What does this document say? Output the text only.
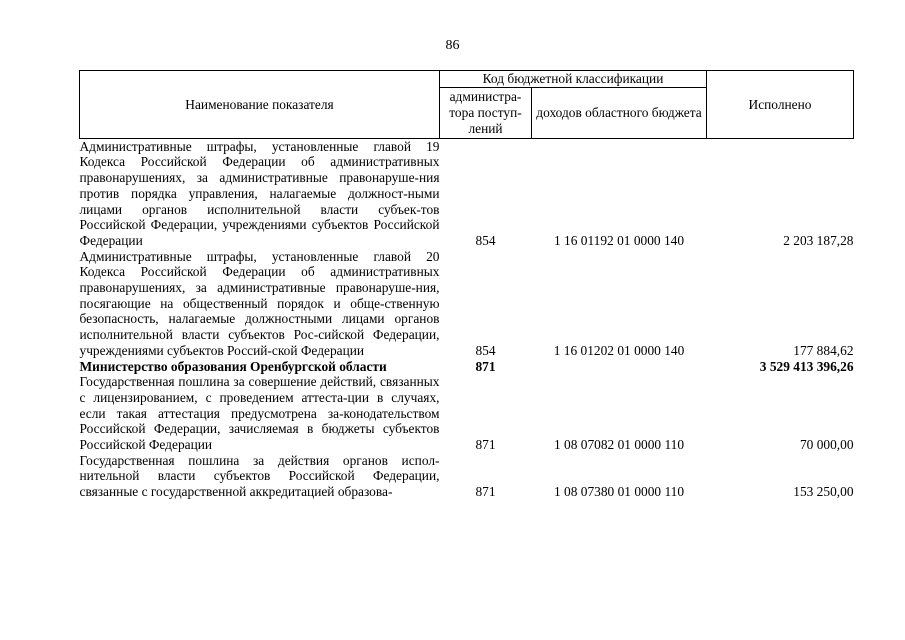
86
Наименование показателя	Код бюджетной классификации		Исполнено
	администра-тора поступ-лений	доходов областного бюджета	
Административные штрафы, установленные главой 19 Кодекса Российской Федерации об административных правонарушениях, за административные правонаруше-ния против порядка управления, налагаемые должност-ными лицами органов исполнительной власти субъек-тов Российской Федерации, учреждениями субъектов Российской Федерации	854	1 16 01192 01 0000 140	2 203 187,28
Административные штрафы, установленные главой 20 Кодекса Российской Федерации об административных правонарушениях, за административные правонаруше-ния, посягающие на общественный порядок и обще-ственную безопасность, налагаемые должностными лицами органов исполнительной власти субъектов Рос-сийской Федерации, учреждениями субъектов Россий-ской Федерации	854	1 16 01202 01 0000 140	177 884,62
Министерство образования Оренбургской области	871		3 529 413 396,26
Государственная пошлина за совершение действий, связанных с лицензированием, с проведением аттеста-ции в случаях, если такая аттестация предусмотрена за-конодательством Российской Федерации, зачисляемая в бюджеты субъектов Российской Федерации	871	1 08 07082 01 0000 110	70 000,00
Государственная пошлина за действия органов испол-нительной власти субъектов Российской Федерации, связанные с государственной аккредитацией образова-	871	1 08 07380 01 0000 110	153 250,00
